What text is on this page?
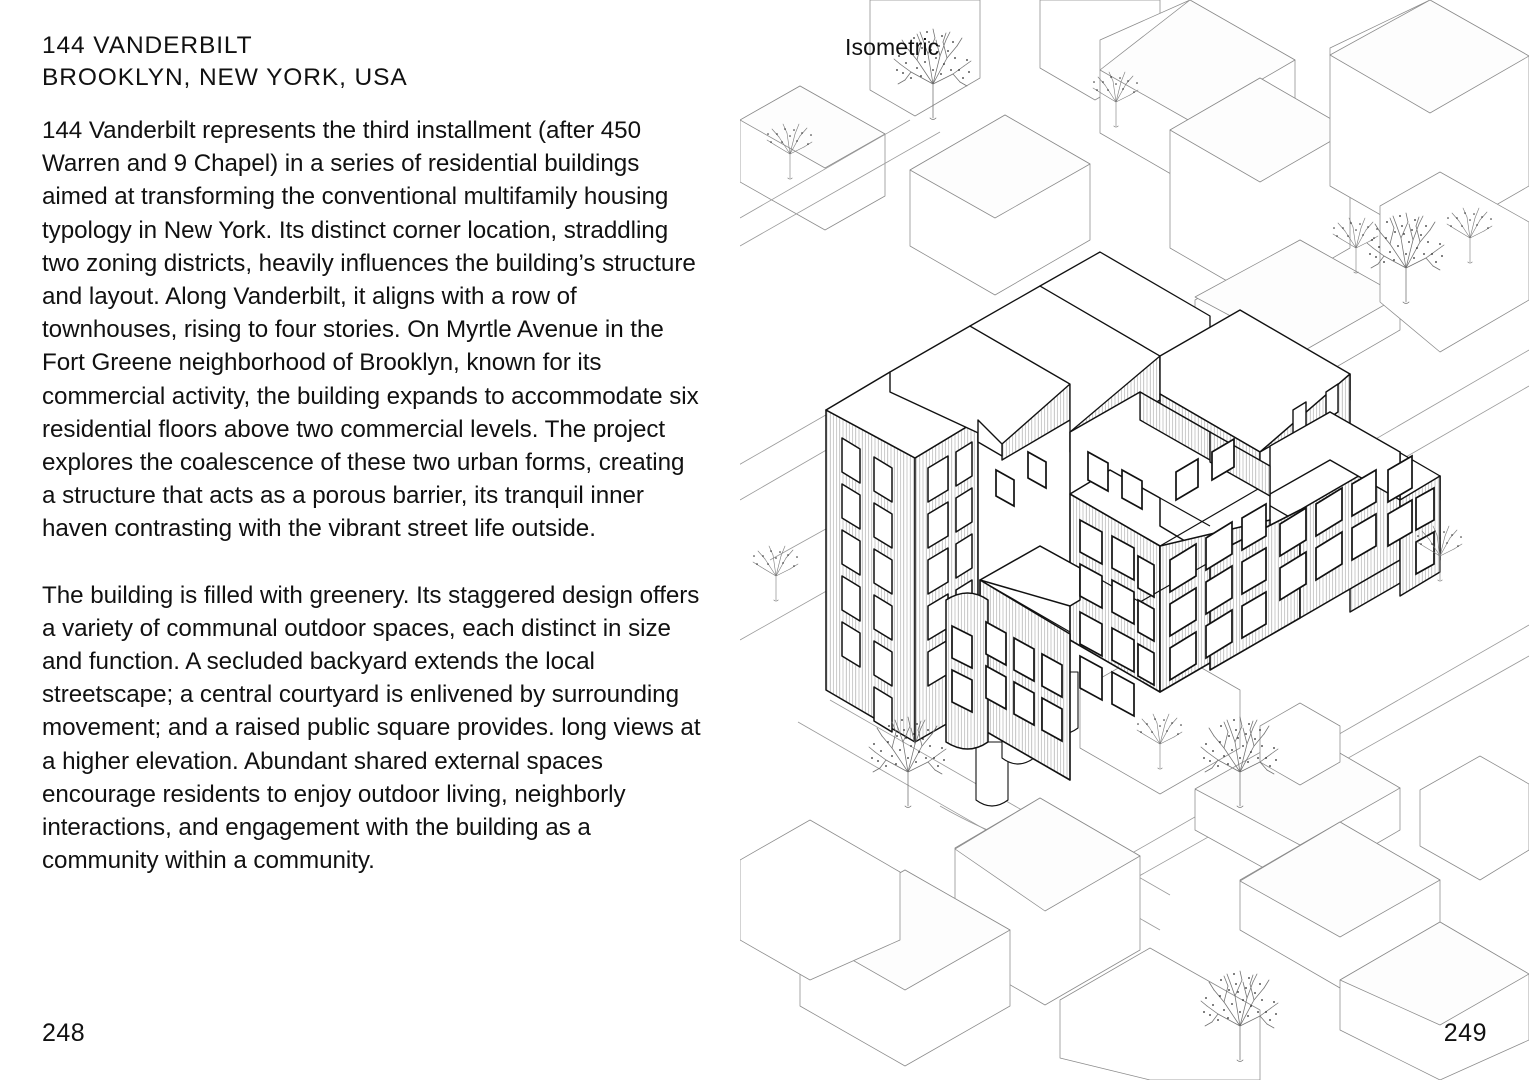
144 VANDERBILT
BROOKLYN, NEW YORK, USA

144 Vanderbilt represents the third installment (after 450 Warren and 9 Chapel) in a series of residential buildings aimed at transforming the conventional multifamily housing typology in New York. Its distinct corner location, straddling two zoning districts, heavily influences the building’s structure and layout. Along Vanderbilt, it aligns with a row of townhouses, rising to four stories. On Myrtle Avenue in the Fort Greene neighborhood of Brooklyn, known for its commercial activity, the building expands to accommodate six residential floors above two commercial levels. The project explores the coalescence of these two urban forms, creating a structure that acts as a porous barrier, its tranquil inner haven contrasting with the vibrant street life outside.

The building is filled with greenery. Its staggered design offers a variety of communal outdoor spaces, each distinct in size and function. A secluded backyard extends the local streetscape; a central courtyard is enlivened by surrounding movement; and a raised public square provides. long views at a higher elevation. Abundant shared external spaces encourage residents to enjoy outdoor living, neighborly interactions, and engagement with the building as a community within a community.

248
Isometric
249
